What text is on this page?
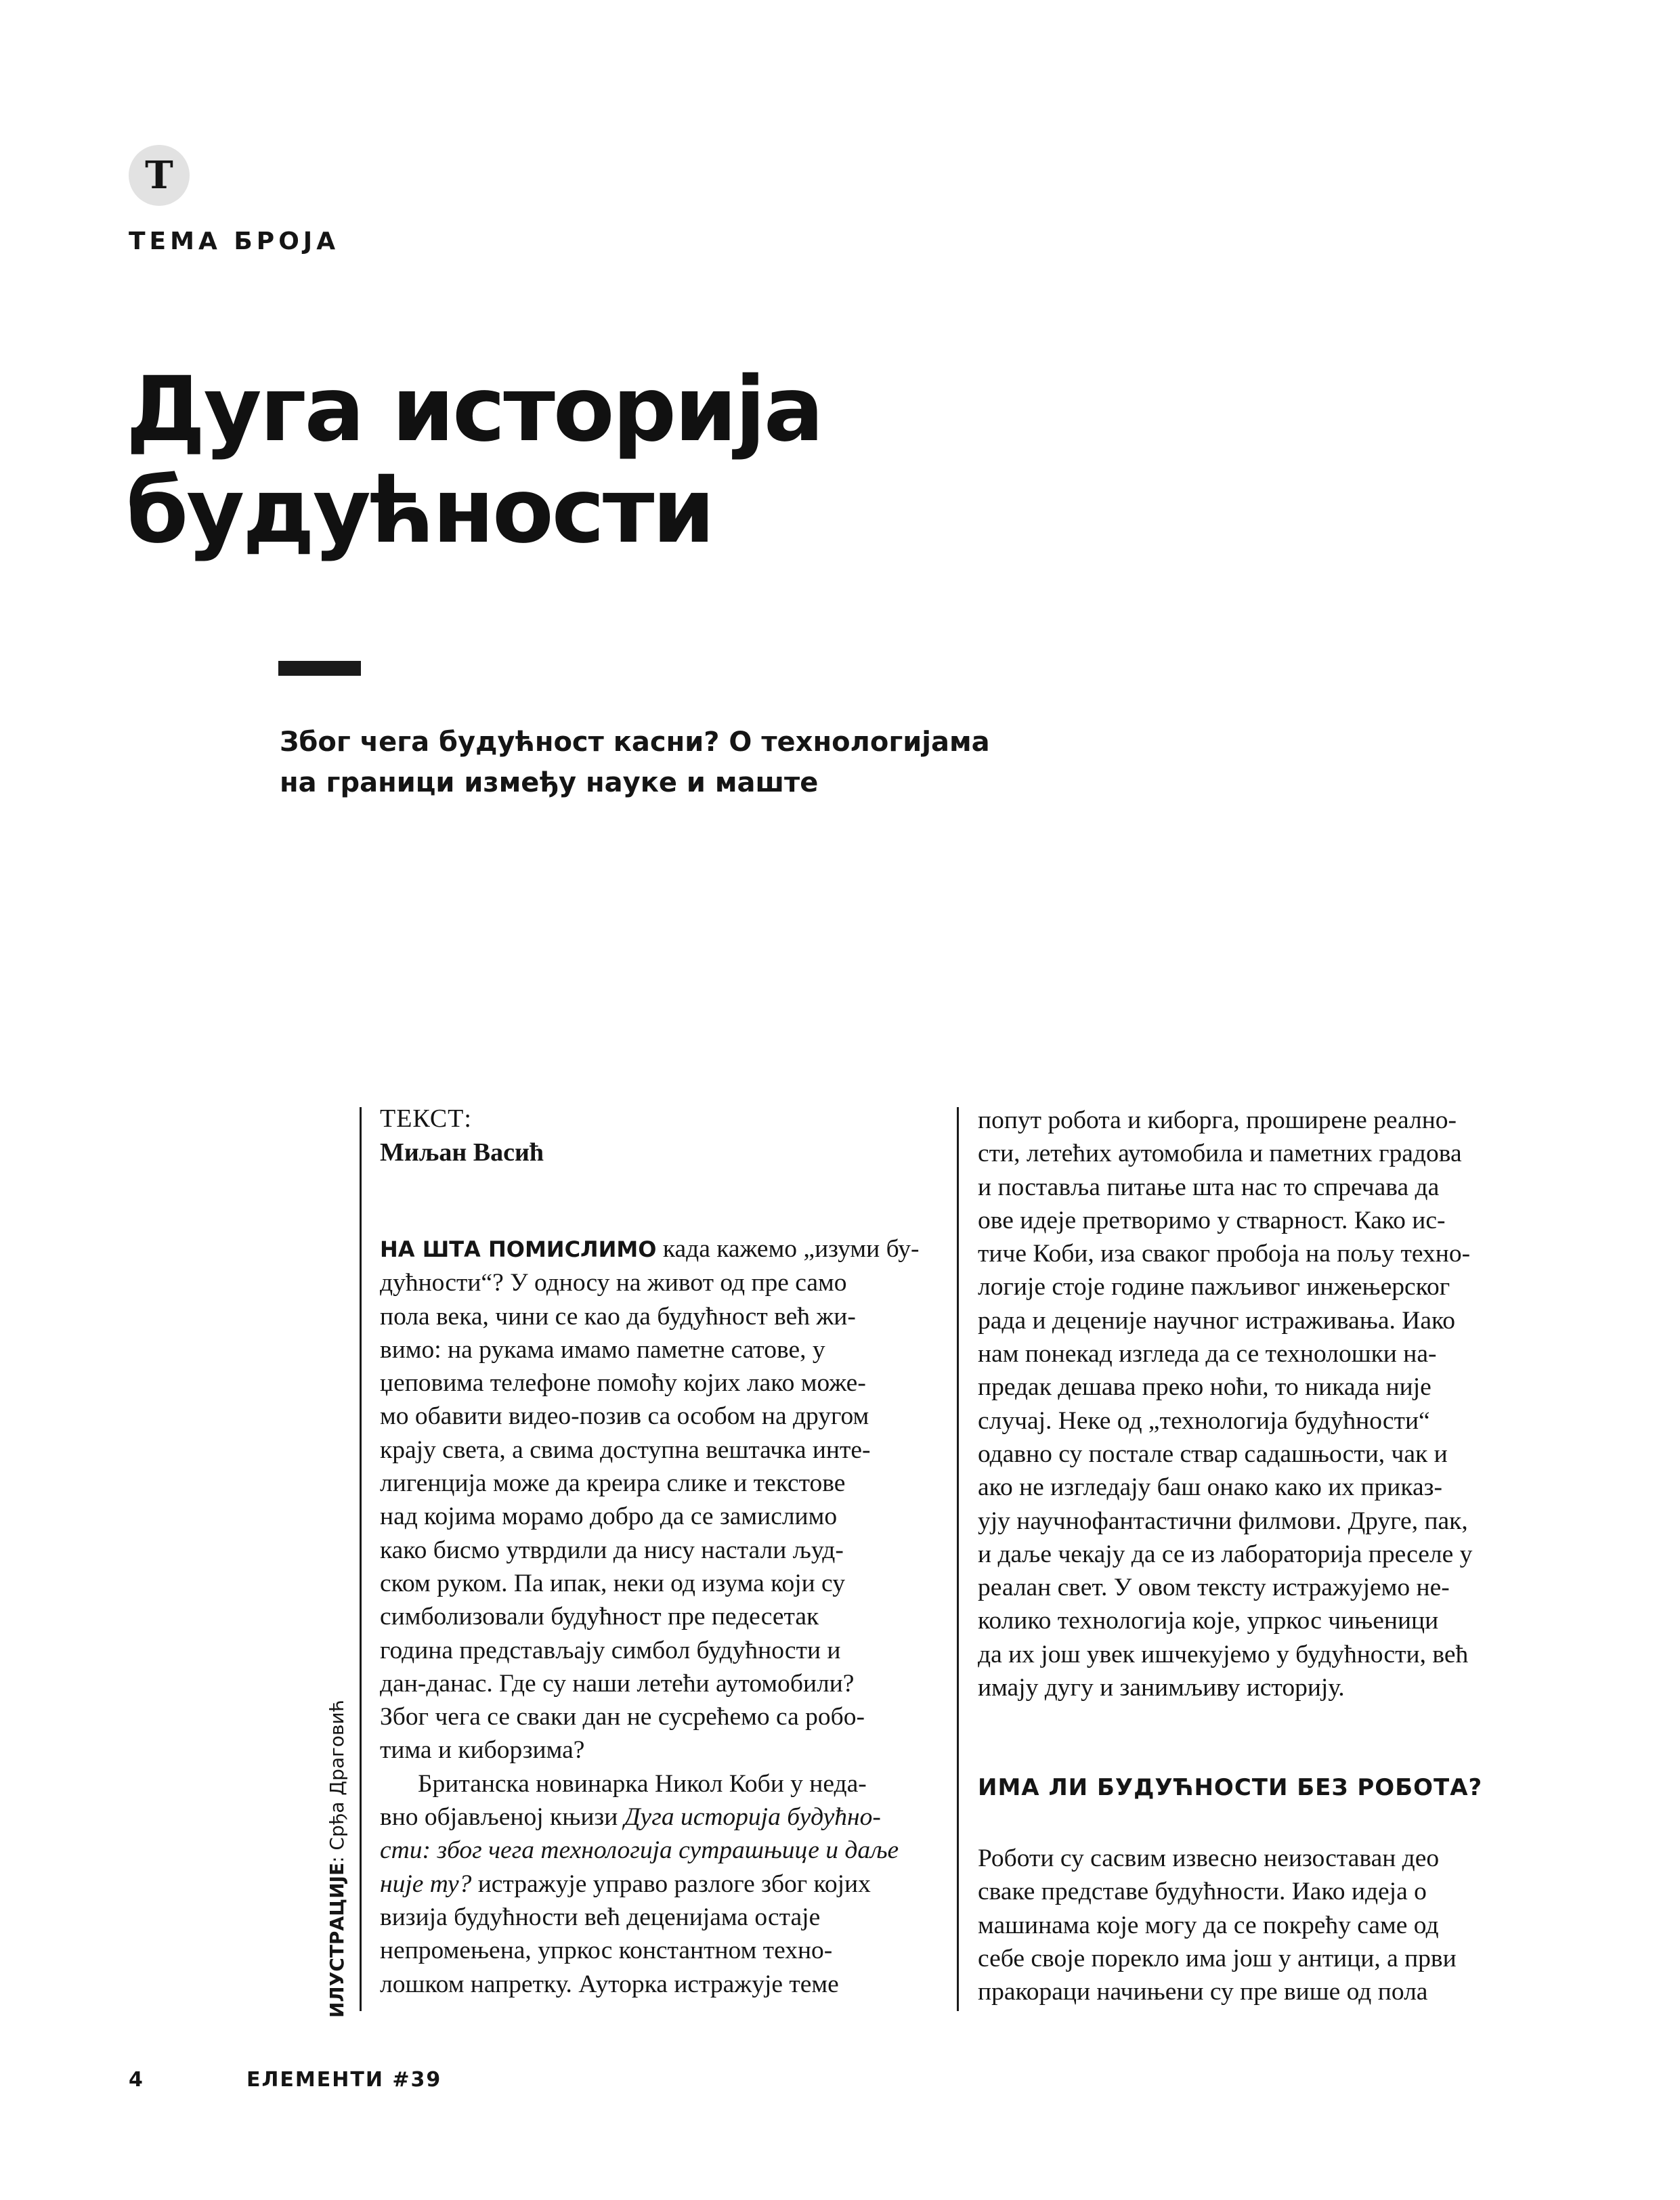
Т
ТЕМА БРОЈА
Дуга историја
будућности
Због чега будућност касни? О технологијама
на граници између науке и маште
ИЛУСТРАЦИЈЕ: Срђа Драговић
ТЕКСТ:
Миљан Васић
НА ШТА ПОМИСЛИМО када кажемо „изуми бу-
дућности“? У односу на живот од пре само
пола века, чини се као да будућност већ жи-
вимо: на рукама имамо паметне сатове, у
џеповима телефоне помоћу којих лако може-
мо обавити видео-позив са особом на другом
крају света, а свима доступна вештачка инте-
лигенција може да креира слике и текстове
над којима морамо добро да се замислимо
како бисмо утврдили да нису настали људ-
ском руком. Па ипак, неки од изума који су
симболизовали будућност пре педесетак
година представљају симбол будућности и
дан-данас. Где су наши летећи аутомобили?
Због чега се сваки дан не сусрећемо са робо-
тима и киборзима?
Британска новинарка Никол Коби у неда-
вно објављеној књизи Дуга историја будућно-
сти: због чега технологија сутрашњице и даље
није ту? истражује управо разлоге због којих
визија будућности већ деценијама остаје
непромењена, упркос константном техно-
лошком напретку. Ауторка истражује теме
попут робота и киборга, проширене реално-
сти, летећих аутомобила и паметних градова
и поставља питање шта нас то спречава да
ове идеје претворимо у стварност. Како ис-
тиче Коби, иза сваког пробоја на пољу техно-
логије стоје године пажљивог инжењерског
рада и деценије научног истраживања. Иако
нам понекад изгледа да се технолошки на-
предак дешава преко ноћи, то никада није
случај. Неке од „технологија будућности“
одавно су постале ствар садашњости, чак и
ако не изгледају баш онако како их приказ-
ују научнофантастични филмови. Друге, пак,
и даље чекају да се из лабораторија преселе у
реалан свет. У овом тексту истражујемо не-
колико технологија које, упркос чињеници
да их још увек ишчекујемо у будућности, већ
имају дугу и занимљиву историју.
ИМА ЛИ БУДУЋНОСТИ БЕЗ РОБОТА?
Роботи су сасвим извесно неизоставан део
сваке представе будућности. Иако идеја о
машинама које могу да се покрећу саме од
себе своје порекло има још у антици, а први
пракораци начињени су пре више од пола
4	ЕЛЕМЕНТИ #39
